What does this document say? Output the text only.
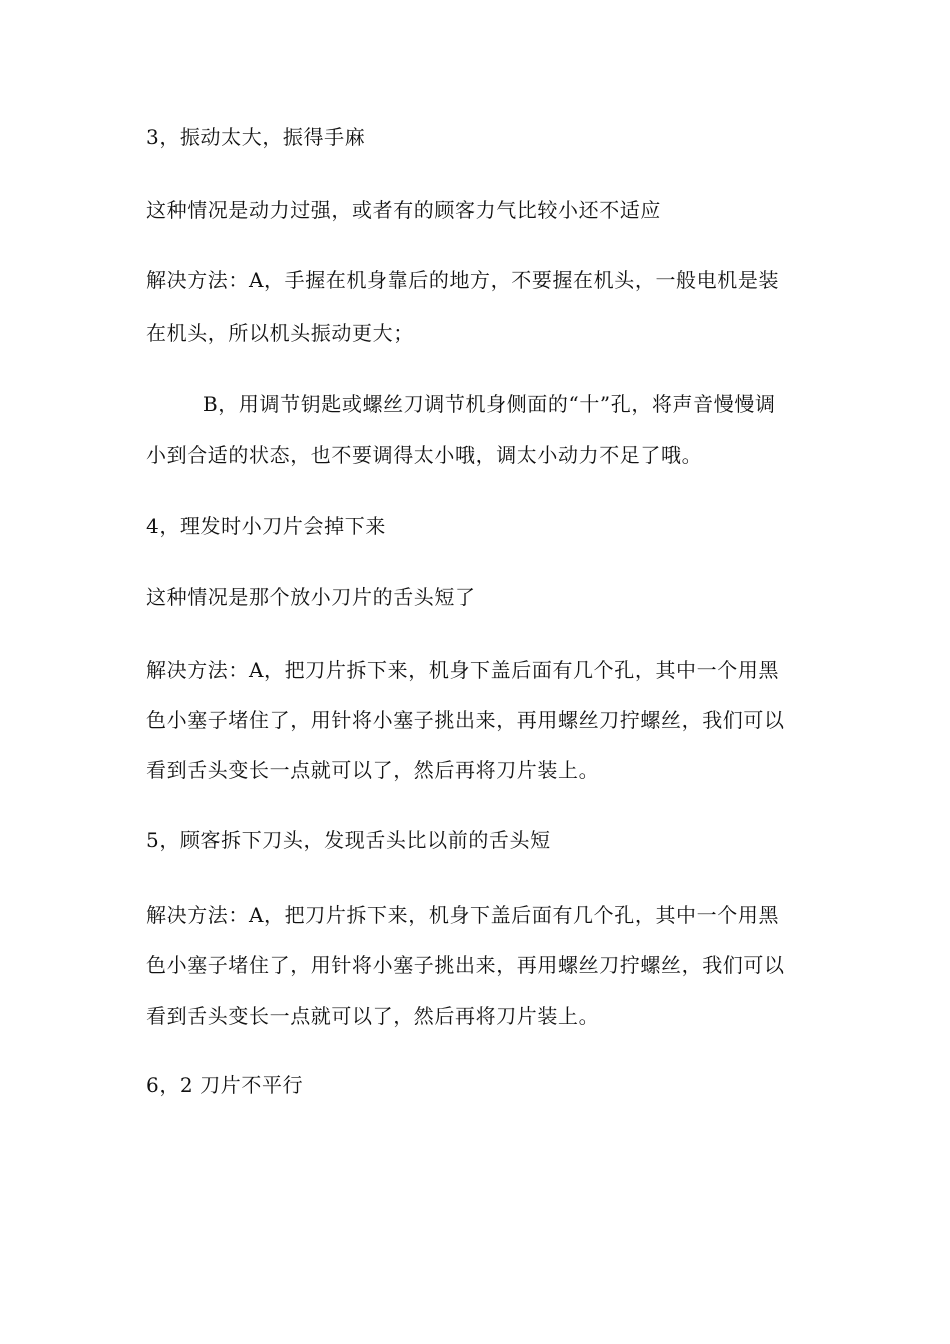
3，振动太大，振得手麻
这种情况是动力过强，或者有的顾客力气比较小还不适应
解决方法：A，手握在机身靠后的地方，不要握在机头，一般电机是装
在机头，所以机头振动更大；
B，用调节钥匙或螺丝刀调节机身侧面的“十”孔，将声音慢慢调
小到合适的状态，也不要调得太小哦，调太小动力不足了哦。
4，理发时小刀片会掉下来
这种情况是那个放小刀片的舌头短了
解决方法：A，把刀片拆下来，机身下盖后面有几个孔，其中一个用黑
色小塞子堵住了，用针将小塞子挑出来，再用螺丝刀拧螺丝，我们可以
看到舌头变长一点就可以了，然后再将刀片装上。
5，顾客拆下刀头，发现舌头比以前的舌头短
解决方法：A，把刀片拆下来，机身下盖后面有几个孔，其中一个用黑
色小塞子堵住了，用针将小塞子挑出来，再用螺丝刀拧螺丝，我们可以
看到舌头变长一点就可以了，然后再将刀片装上。
6，2 刀片不平行
